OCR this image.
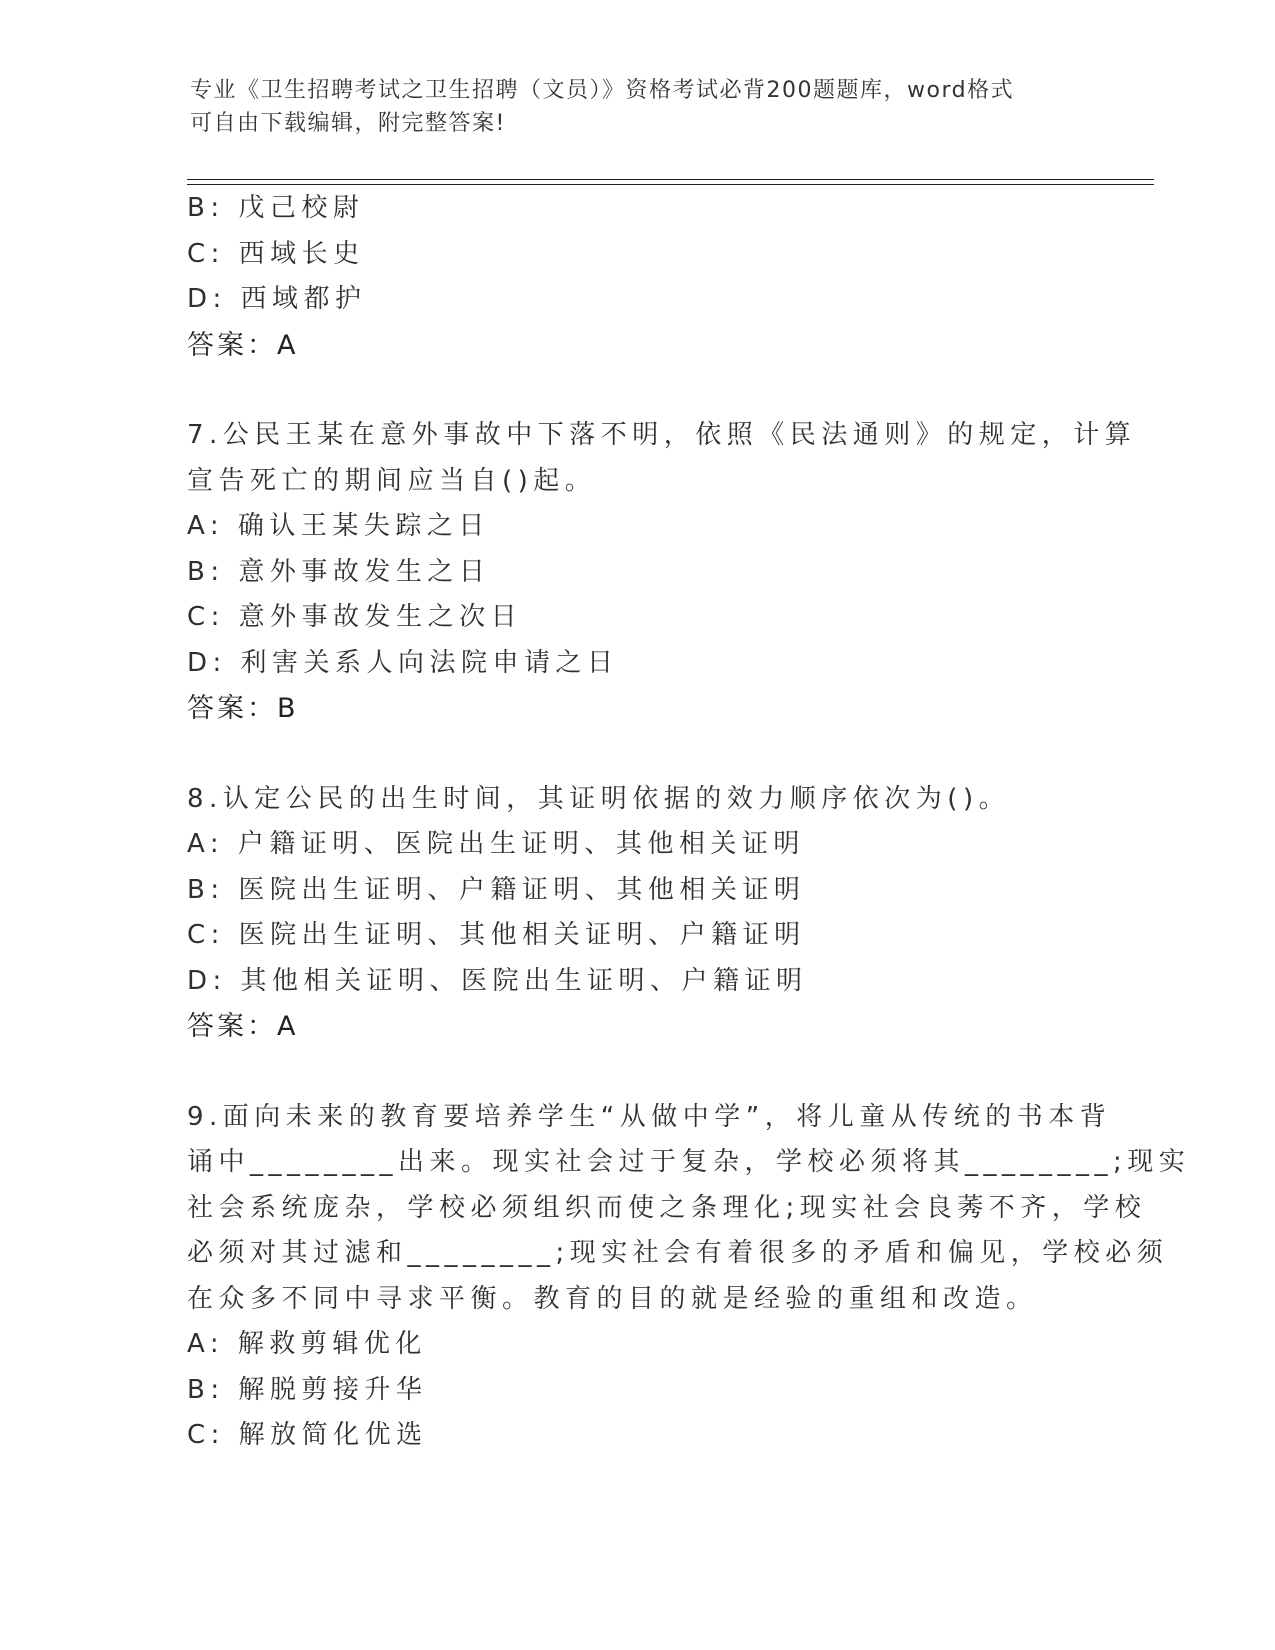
专业《卫生招聘考试之卫生招聘（文员）》资格考试必背200题题库，word格式
可自由下载编辑，附完整答案!
B: 戊己校尉
C: 西域长史
D: 西域都护
答案：A
7.公民王某在意外事故中下落不明，依照《民法通则》的规定，计算
宣告死亡的期间应当自()起。
A: 确认王某失踪之日
B: 意外事故发生之日
C: 意外事故发生之次日
D: 利害关系人向法院申请之日
答案：B
8.认定公民的出生时间，其证明依据的效力顺序依次为()。
A: 户籍证明、医院出生证明、其他相关证明
B: 医院出生证明、户籍证明、其他相关证明
C: 医院出生证明、其他相关证明、户籍证明
D: 其他相关证明、医院出生证明、户籍证明
答案：A
9.面向未来的教育要培养学生“从做中学”，将儿童从传统的书本背
诵中________出来。现实社会过于复杂，学校必须将其________;现实
社会系统庞杂，学校必须组织而使之条理化;现实社会良莠不齐，学校
必须对其过滤和________;现实社会有着很多的矛盾和偏见，学校必须
在众多不同中寻求平衡。教育的目的就是经验的重组和改造。
A: 解救剪辑优化
B: 解脱剪接升华
C: 解放简化优选
